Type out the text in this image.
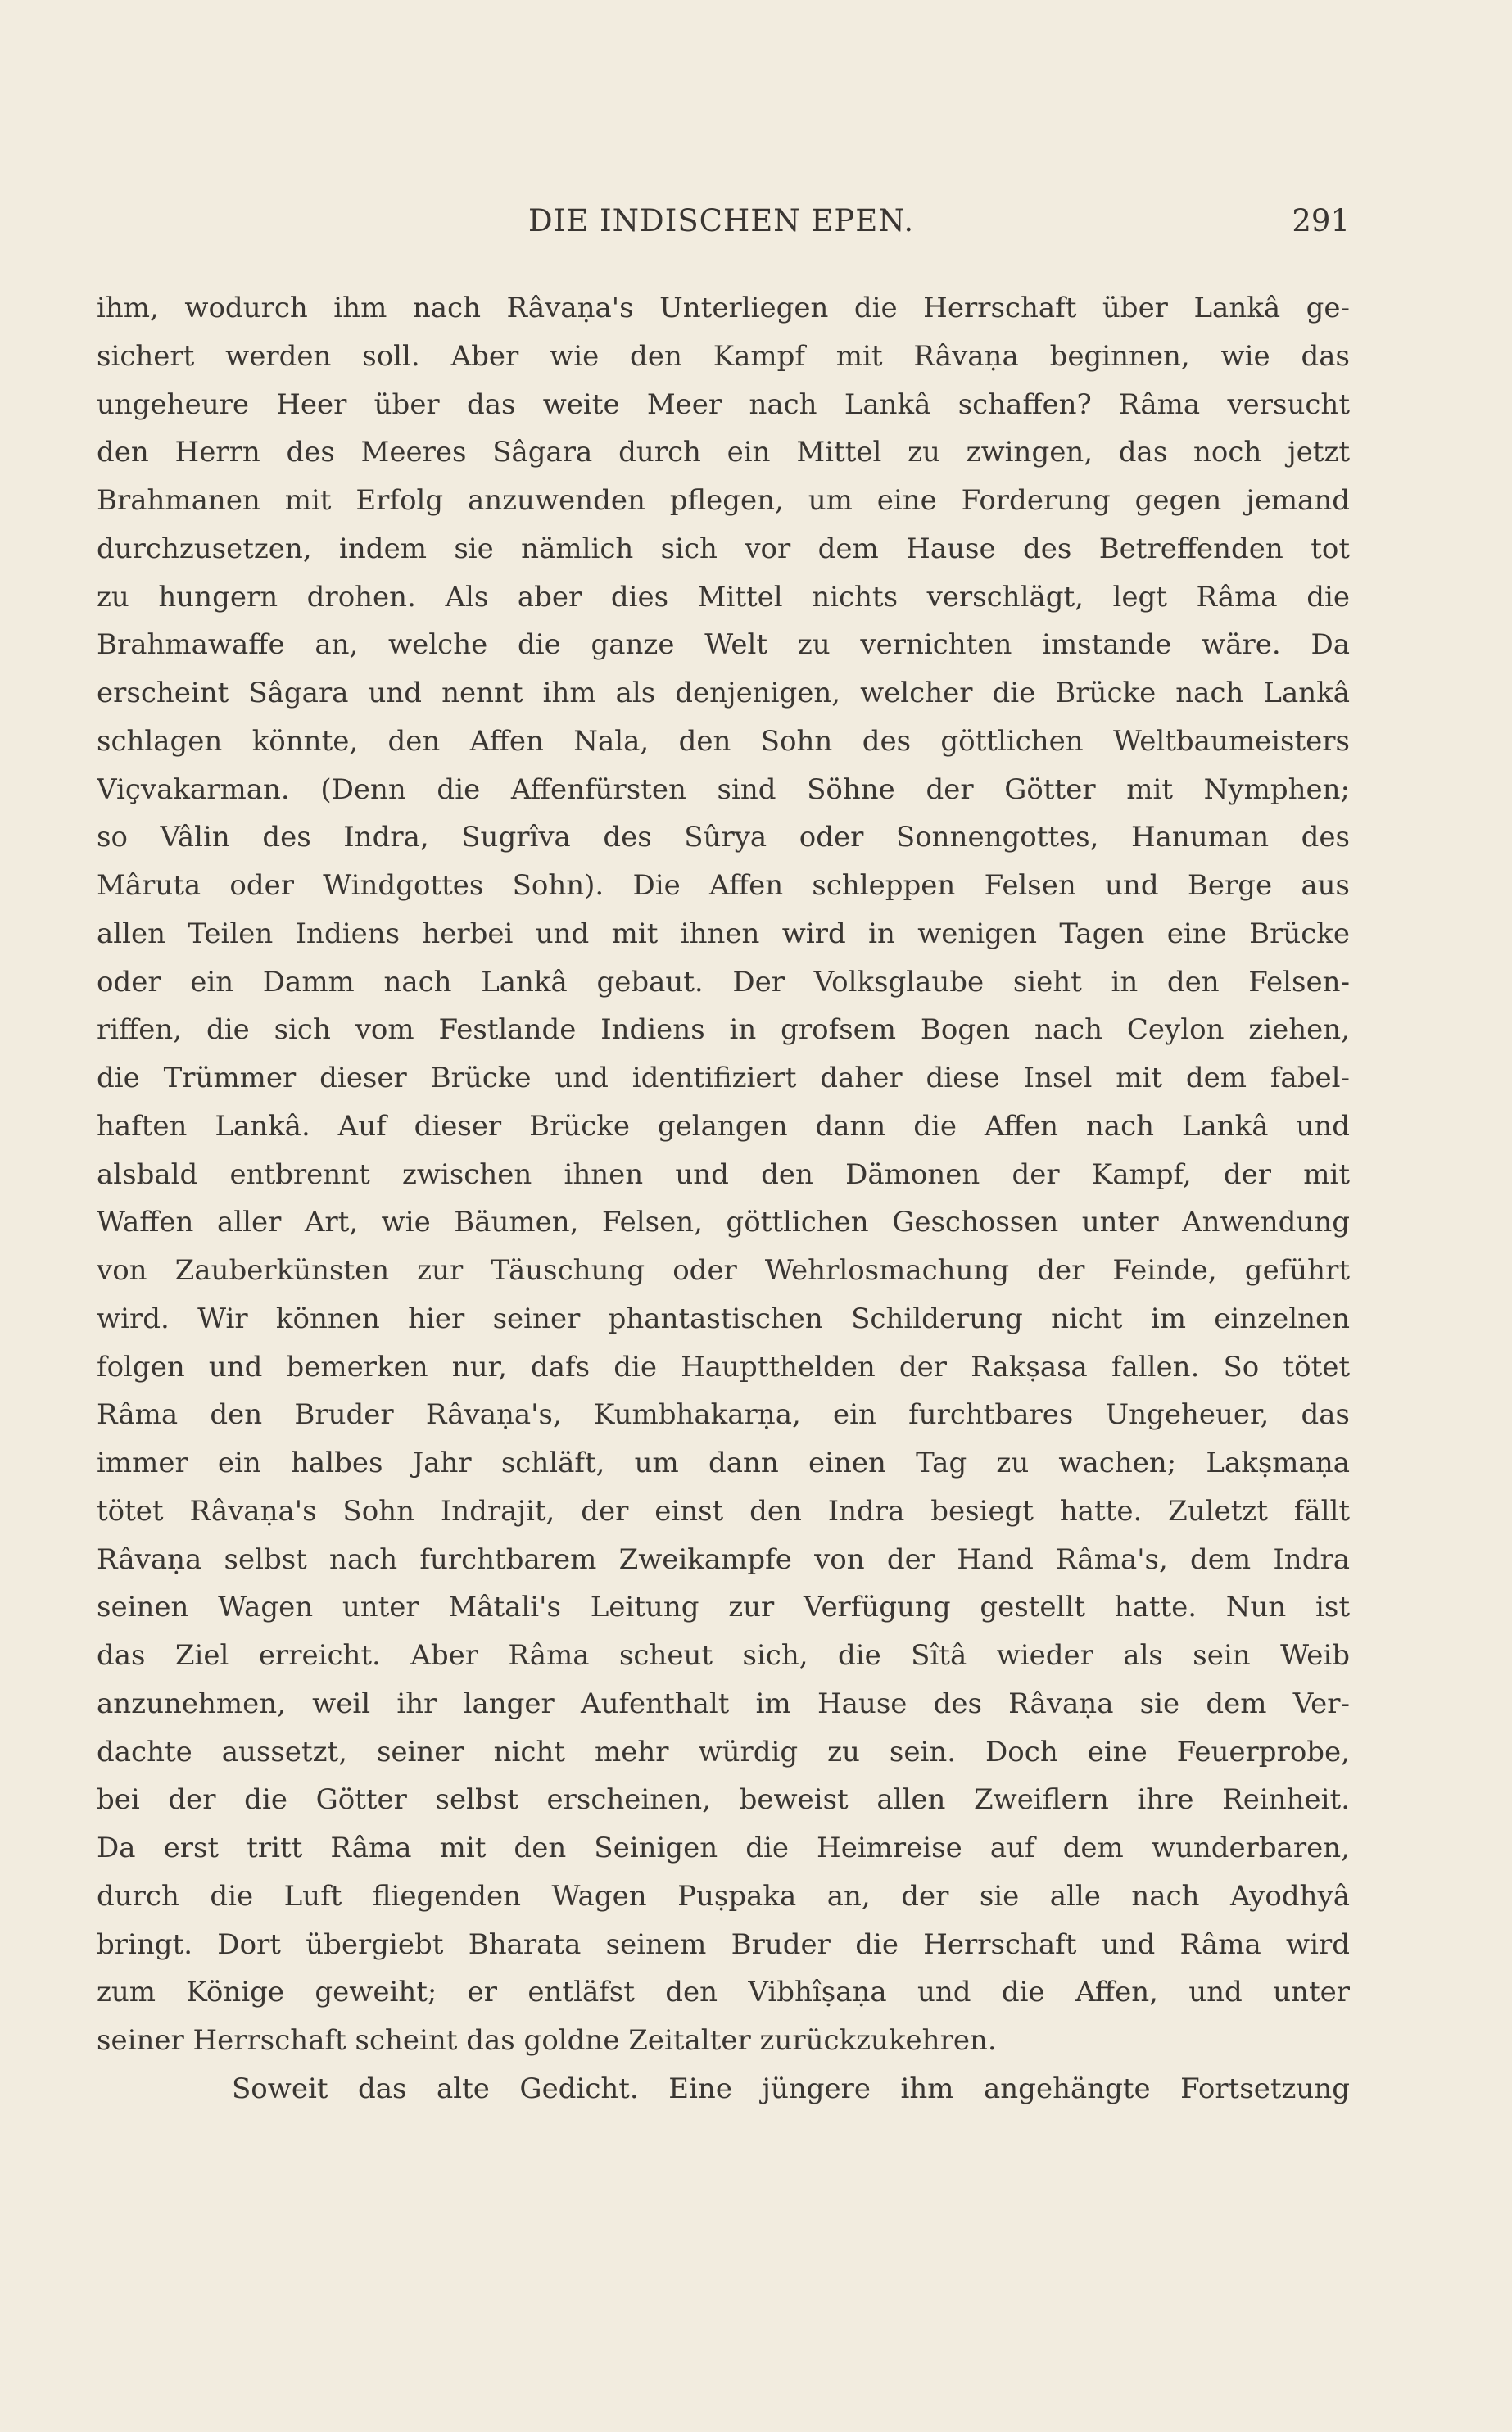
DIE INDISCHEN EPEN.	291
ihm, wodurch ihm nach Râvaṇa's Unterliegen die Herrschaft über Lankâ ge-
sichert werden soll. Aber wie den Kampf mit Râvaṇa beginnen, wie das
ungeheure Heer über das weite Meer nach Lankâ schaffen? Râma versucht
den Herrn des Meeres Sâgara durch ein Mittel zu zwingen, das noch jetzt
Brahmanen mit Erfolg anzuwenden pflegen, um eine Forderung gegen jemand
durchzusetzen, indem sie nämlich sich vor dem Hause des Betreffenden tot
zu hungern drohen. Als aber dies Mittel nichts verschlägt, legt Râma die
Brahmawaffe an, welche die ganze Welt zu vernichten imstande wäre. Da
erscheint Sâgara und nennt ihm als denjenigen, welcher die Brücke nach Lankâ
schlagen könnte, den Affen Nala, den Sohn des göttlichen Weltbaumeisters
Viçvakarman. (Denn die Affenfürsten sind Söhne der Götter mit Nymphen;
so Vâlin des Indra, Sugrîva des Sûrya oder Sonnengottes, Hanuman des
Mâruta oder Windgottes Sohn). Die Affen schleppen Felsen und Berge aus
allen Teilen Indiens herbei und mit ihnen wird in wenigen Tagen eine Brücke
oder ein Damm nach Lankâ gebaut. Der Volksglaube sieht in den Felsen-
riffen, die sich vom Festlande Indiens in grofsem Bogen nach Ceylon ziehen,
die Trümmer dieser Brücke und identifiziert daher diese Insel mit dem fabel-
haften Lankâ. Auf dieser Brücke gelangen dann die Affen nach Lankâ und
alsbald entbrennt zwischen ihnen und den Dämonen der Kampf, der mit
Waffen aller Art, wie Bäumen, Felsen, göttlichen Geschossen unter Anwendung
von Zauberkünsten zur Täuschung oder Wehrlosmachung der Feinde, geführt
wird. Wir können hier seiner phantastischen Schilderung nicht im einzelnen
folgen und bemerken nur, dafs die Hauptthelden der Rakṣasa fallen. So tötet
Râma den Bruder Râvaṇa's, Kumbhakarṇa, ein furchtbares Ungeheuer, das
immer ein halbes Jahr schläft, um dann einen Tag zu wachen; Lakṣmaṇa
tötet Râvaṇa's Sohn Indrajit, der einst den Indra besiegt hatte. Zuletzt fällt
Râvaṇa selbst nach furchtbarem Zweikampfe von der Hand Râma's, dem Indra
seinen Wagen unter Mâtali's Leitung zur Verfügung gestellt hatte. Nun ist
das Ziel erreicht. Aber Râma scheut sich, die Sîtâ wieder als sein Weib
anzunehmen, weil ihr langer Aufenthalt im Hause des Râvaṇa sie dem Ver-
dachte aussetzt, seiner nicht mehr würdig zu sein. Doch eine Feuerprobe,
bei der die Götter selbst erscheinen, beweist allen Zweiflern ihre Reinheit.
Da erst tritt Râma mit den Seinigen die Heimreise auf dem wunderbaren,
durch die Luft fliegenden Wagen Puṣpaka an, der sie alle nach Ayodhyâ
bringt. Dort übergiebt Bharata seinem Bruder die Herrschaft und Râma wird
zum Könige geweiht; er entläfst den Vibhîṣaṇa und die Affen, und unter
seiner Herrschaft scheint das goldne Zeitalter zurückzukehren.
Soweit das alte Gedicht. Eine jüngere ihm angehängte Fortsetzung
